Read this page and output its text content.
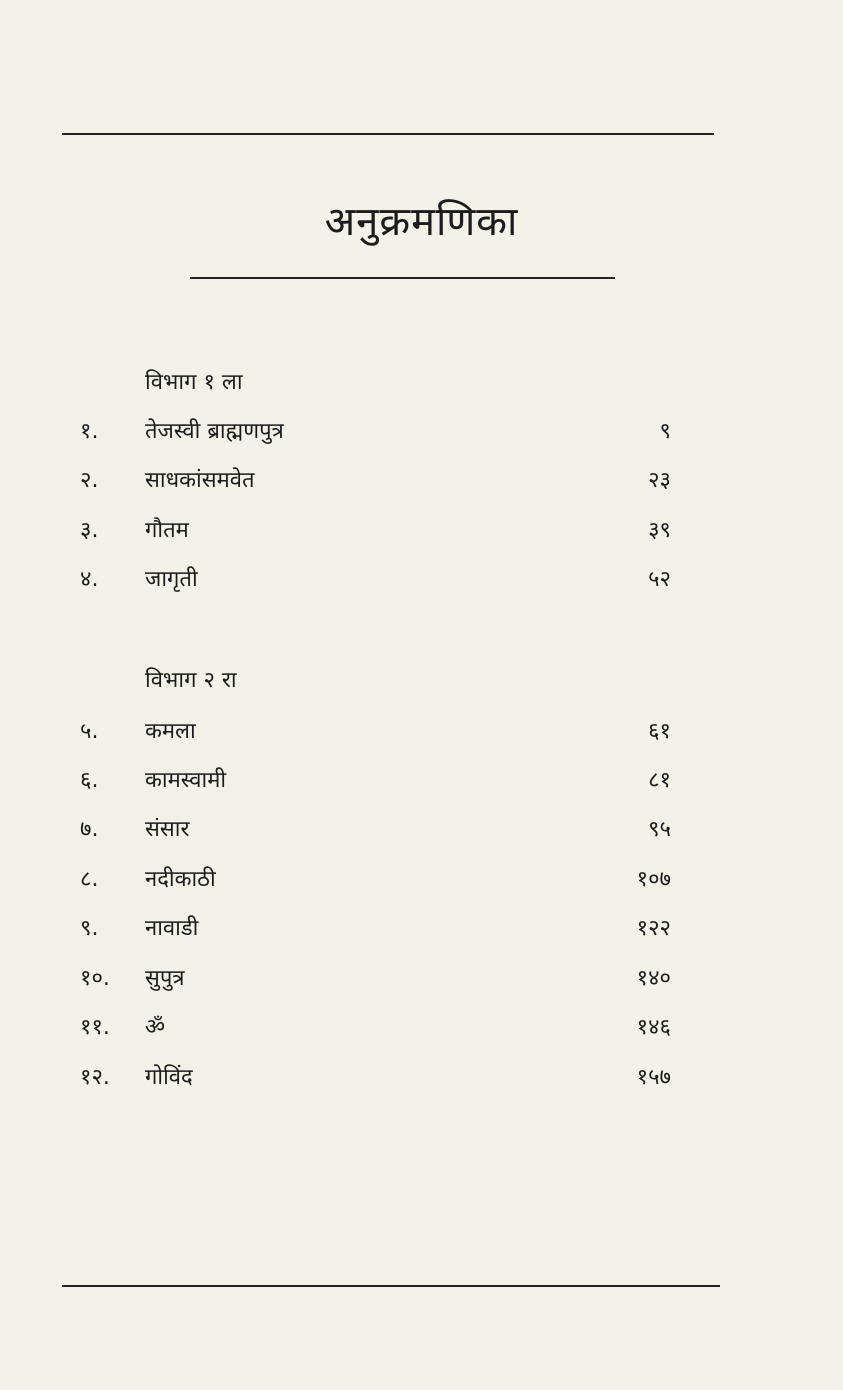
अनुक्रमणिका
विभाग १ ला
१. तेजस्वी ब्राह्मणपुत्र	९
२. साधकांसमवेत	२३
३. गौतम	३९
४. जागृती	५२
विभाग २ रा
५. कमला	६१
६. कामस्वामी	८१
७. संसार	९५
८. नदीकाठी	१०७
९. नावाडी	१२२
१०. सुपुत्र	१४०
११. ॐ	१४६
१२. गोविंद	१५७
